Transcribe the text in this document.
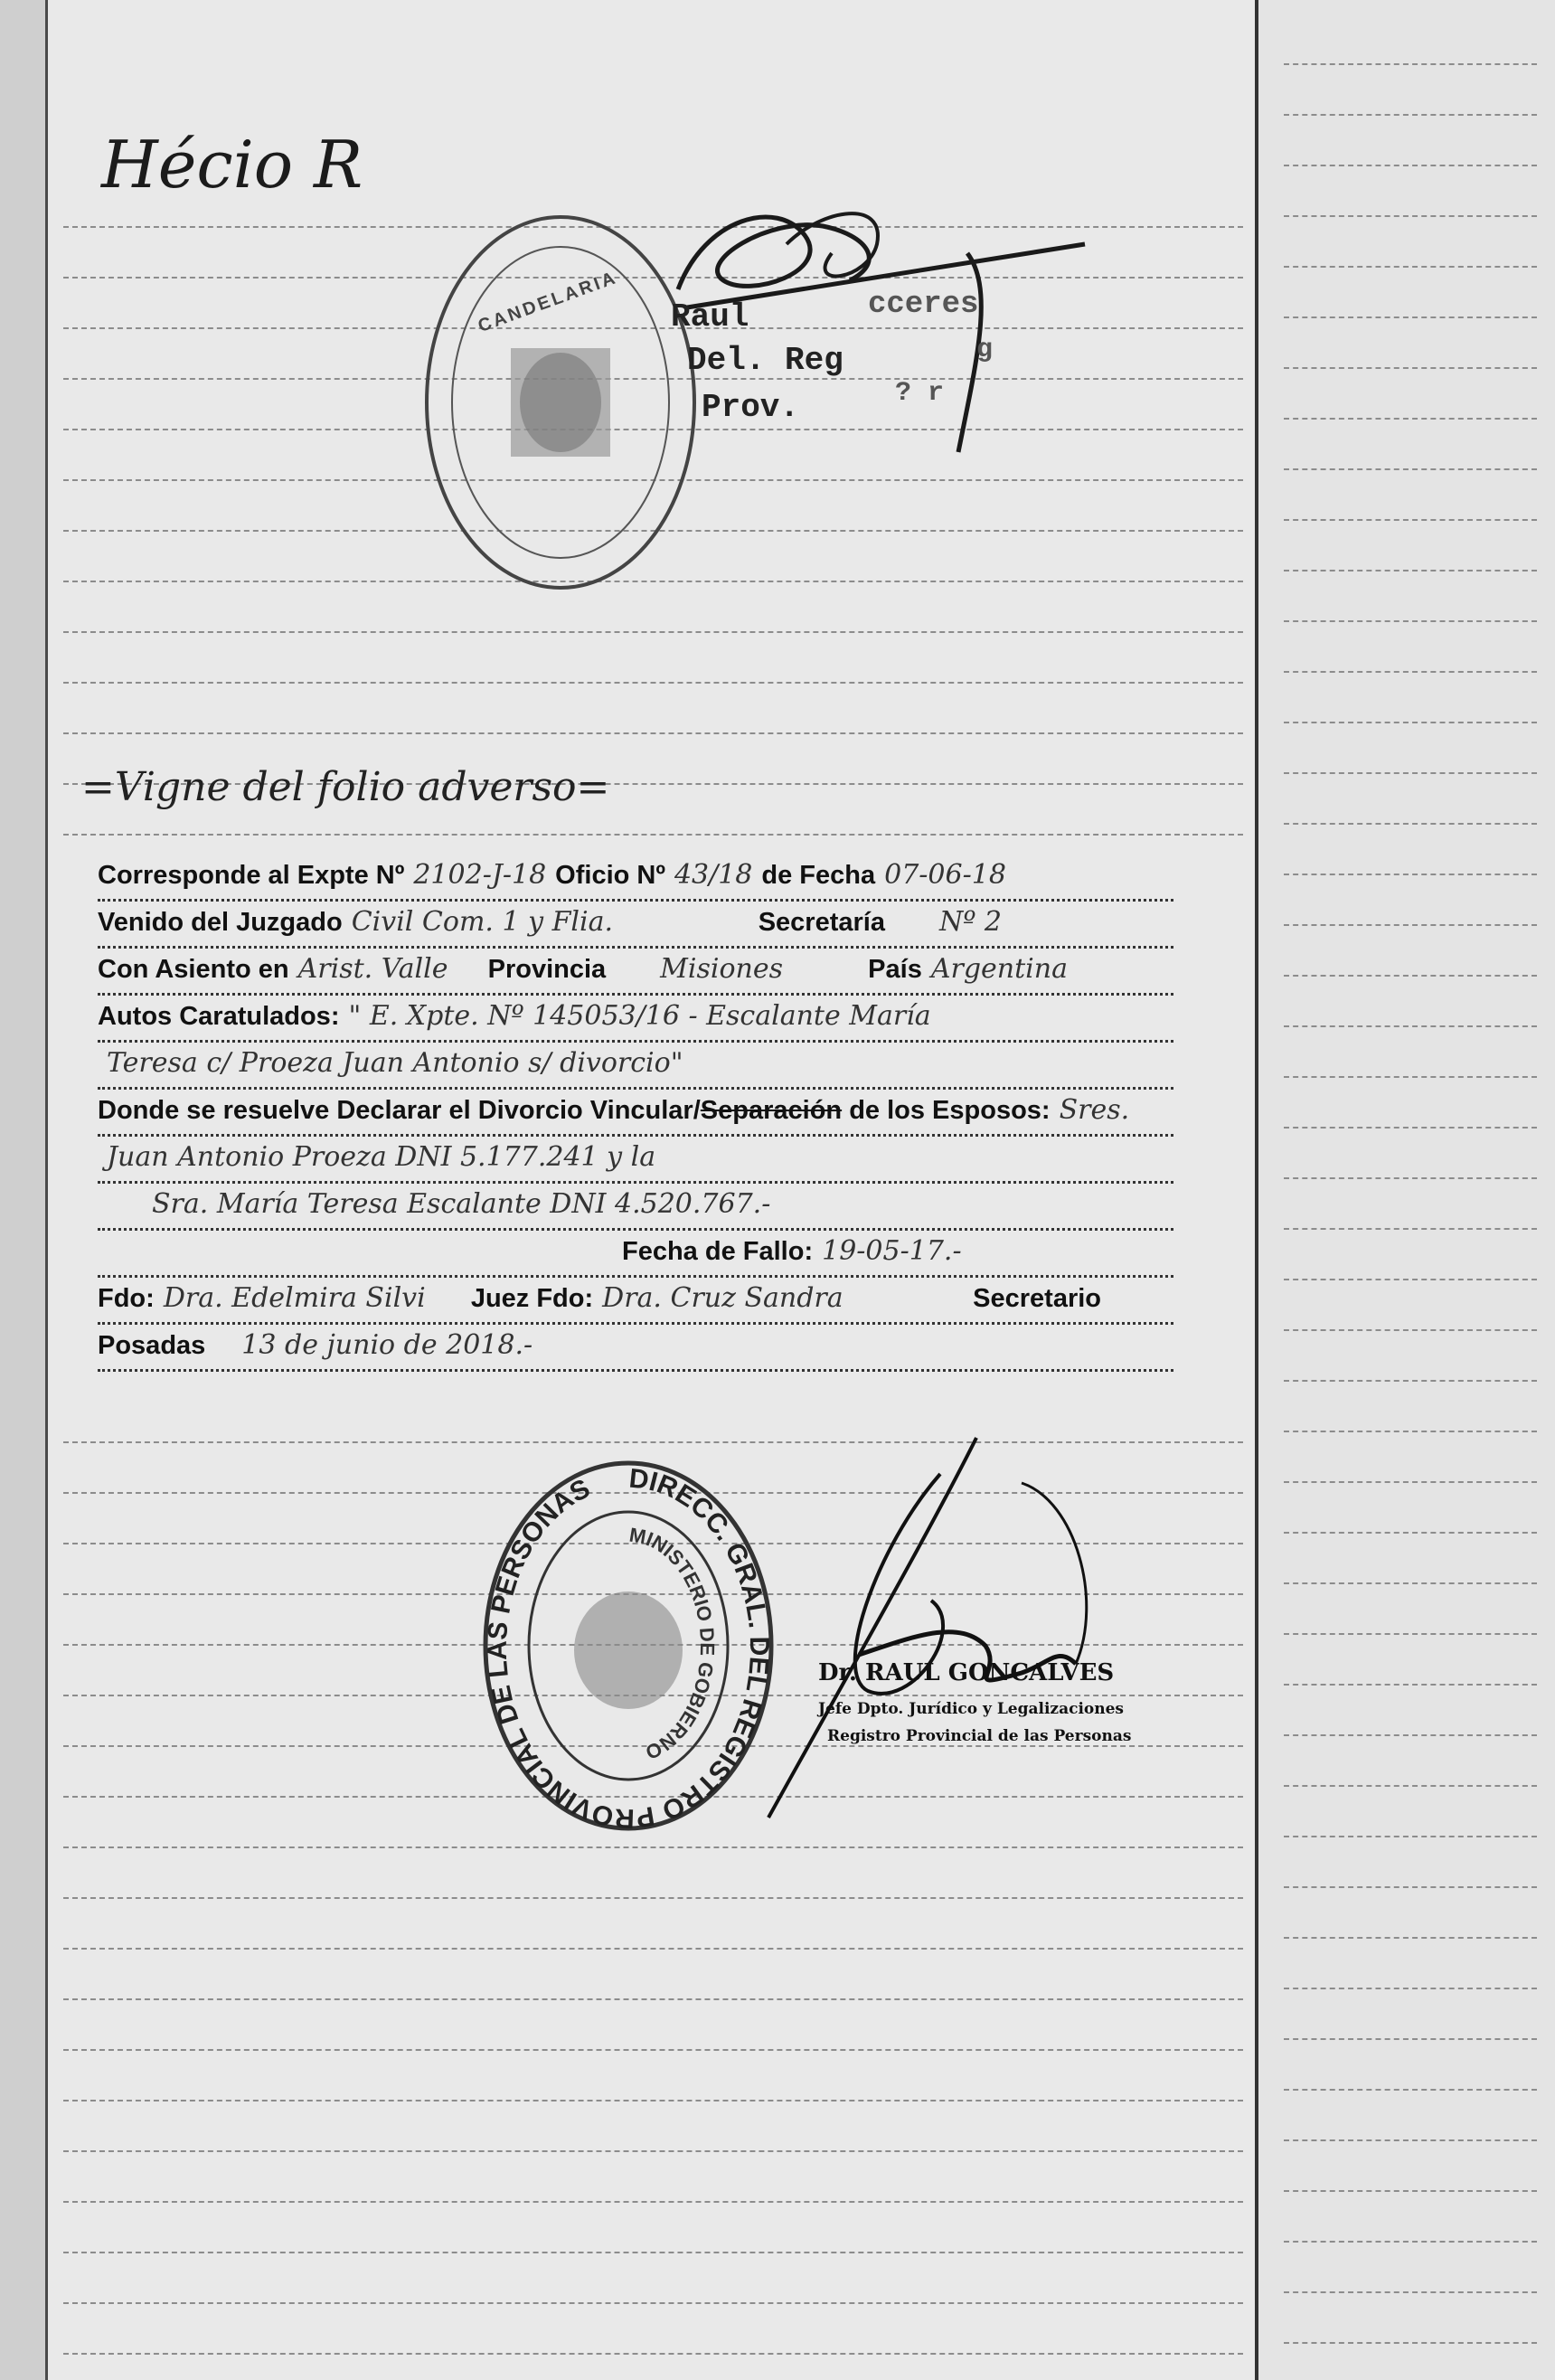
Hécio R
CANDELARIA Raul	cceres
Del. Reg	g
Prov.	? r
=Vigne del folio adverso=
Corresponde al Expte Nº 2102-J-18 Oficio Nº 43/18 de Fecha 07-06-18
Venido del Juzgado Civil Com. 1 y Flia.	Secretaría Nº 2
Con Asiento en Arist. Valle Provincia Misiones	País Argentina
Autos Caratulados: " E. Xpte. Nº 145053/16 - Escalante María
Teresa c/ Proeza Juan Antonio s/ divorcio"
Donde se resuelve Declarar el Divorcio Vincular/Separación de los Esposos: Sres.
Juan Antonio Proeza DNI 5.177.241 y la
Sra. María Teresa Escalante DNI 4.520.767.-
Fecha de Fallo: 19-05-17.-
Fdo: Dra. Edelmira Silvi Juez Fdo: Dra. Cruz Sandra	Secretario
Posadas 13 de junio de 2018.-
DIRECC. GRAL. DEL REGISTRO PROVINCIAL DE LAS PERSONAS
MINISTERIO DE GOBIERNO
Dr. RAUL GONCALVES
Jefe Dpto. Jurídico y Legalizaciones
Registro Provincial de las Personas
